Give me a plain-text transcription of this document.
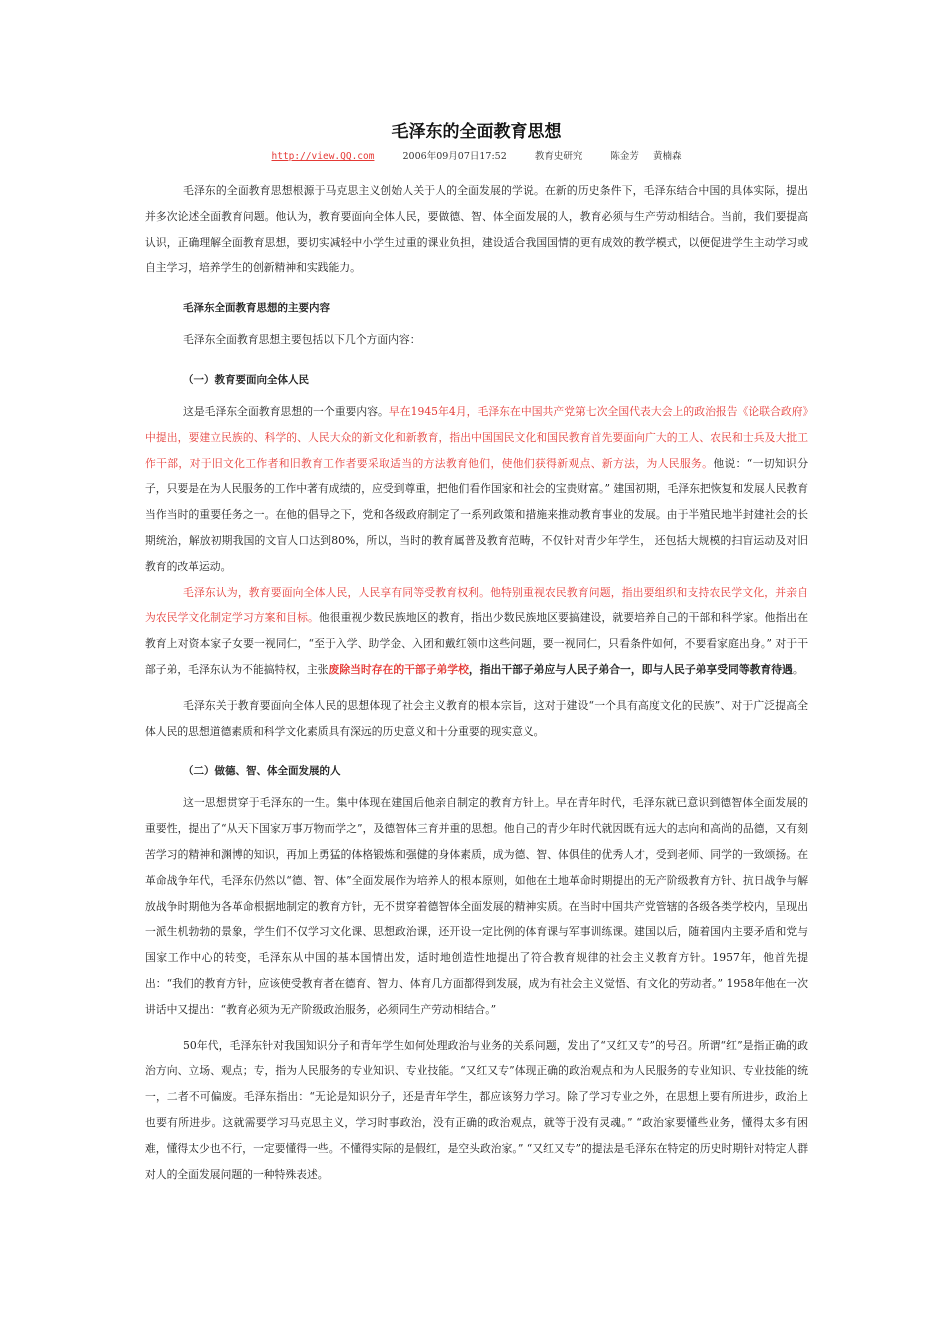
毛泽东的全面教育思想
http://view.QQ.com	2006年09月07日17:52	教育史研究	陈金芳 黄楠森

毛泽东的全面教育思想根源于马克思主义创始人关于人的全面发展的学说。在新的历史条件下，毛泽东结合中国的具体实际，提出并多次论述全面教育问题。他认为，教育要面向全体人民，要做德、智、体全面发展的人，教育必须与生产劳动相结合。当前，我们要提高认识，正确理解全面教育思想，要切实减轻中小学生过重的课业负担，建设适合我国国情的更有成效的教学模式，以便促进学生主动学习或自主学习，培养学生的创新精神和实践能力。

毛泽东全面教育思想的主要内容

毛泽东全面教育思想主要包括以下几个方面内容：

（一）教育要面向全体人民

这是毛泽东全面教育思想的一个重要内容。早在1945年4月，毛泽东在中国共产党第七次全国代表大会上的政治报告《论联合政府》中提出，要建立民族的、科学的、人民大众的新文化和新教育，指出中国国民文化和国民教育首先要面向广大的工人、农民和士兵及大批工作干部，对于旧文化工作者和旧教育工作者要采取适当的方法教育他们，使他们获得新观点、新方法，为人民服务。他说：“一切知识分子，只要是在为人民服务的工作中著有成绩的，应受到尊重，把他们看作国家和社会的宝贵财富。” 建国初期，毛泽东把恢复和发展人民教育当作当时的重要任务之一。在他的倡导之下，党和各级政府制定了一系列政策和措施来推动教育事业的发展。由于半殖民地半封建社会的长期统治，解放初期我国的文盲人口达到80%，所以，当时的教育属普及教育范畴，不仅针对青少年学生， 还包括大规模的扫盲运动及对旧教育的改革运动。

毛泽东认为，教育要面向全体人民，人民享有同等受教育权利。他特别重视农民教育问题，指出要组织和支持农民学文化，并亲自为农民学文化制定学习方案和目标。他很重视少数民族地区的教育，指出少数民族地区要搞建设，就要培养自己的干部和科学家。他指出在教育上对资本家子女要一视同仁，“至于入学、助学金、入团和戴红领巾这些问题，要一视同仁，只看条件如何，不要看家庭出身。” 对于干部子弟，毛泽东认为不能搞特权，主张废除当时存在的干部子弟学校，指出干部子弟应与人民子弟合一，即与人民子弟享受同等教育待遇。

毛泽东关于教育要面向全体人民的思想体现了社会主义教育的根本宗旨，这对于建设“一个具有高度文化的民族”、对于广泛提高全体人民的思想道德素质和科学文化素质具有深远的历史意义和十分重要的现实意义。

（二）做德、智、体全面发展的人

这一思想贯穿于毛泽东的一生。集中体现在建国后他亲自制定的教育方针上。早在青年时代，毛泽东就已意识到德智体全面发展的重要性，提出了“从天下国家万事万物而学之”，及德智体三育并重的思想。他自己的青少年时代就因既有远大的志向和高尚的品德，又有刻苦学习的精神和渊博的知识，再加上勇猛的体格锻炼和强健的身体素质，成为德、智、体俱佳的优秀人才，受到老师、同学的一致颂扬。在革命战争年代，毛泽东仍然以“德、智、体”全面发展作为培养人的根本原则，如他在土地革命时期提出的无产阶级教育方针、抗日战争与解放战争时期他为各革命根据地制定的教育方针，无不贯穿着德智体全面发展的精神实质。在当时中国共产党管辖的各级各类学校内，呈现出一派生机勃勃的景象，学生们不仅学习文化课、思想政治课，还开设一定比例的体育课与军事训练课。建国以后，随着国内主要矛盾和党与国家工作中心的转变，毛泽东从中国的基本国情出发，适时地创造性地提出了符合教育规律的社会主义教育方针。1957年，他首先提出：“我们的教育方针，应该使受教育者在德育、智力、体育几方面都得到发展，成为有社会主义觉悟、有文化的劳动者。” 1958年他在一次讲话中又提出：“教育必须为无产阶级政治服务，必须同生产劳动相结合。”

50年代，毛泽东针对我国知识分子和青年学生如何处理政治与业务的关系问题，发出了“又红又专”的号召。所谓“红”是指正确的政治方向、立场、观点；专，指为人民服务的专业知识、专业技能。“又红又专”体现正确的政治观点和为人民服务的专业知识、专业技能的统一，二者不可偏废。毛泽东指出：“无论是知识分子，还是青年学生，都应该努力学习。除了学习专业之外，在思想上要有所进步，政治上也要有所进步。这就需要学习马克思主义，学习时事政治，没有正确的政治观点，就等于没有灵魂。” “政治家要懂些业务，懂得太多有困难，懂得太少也不行，一定要懂得一些。不懂得实际的是假红，是空头政治家。” “又红又专”的提法是毛泽东在特定的历史时期针对特定人群对人的全面发展问题的一种特殊表述。
